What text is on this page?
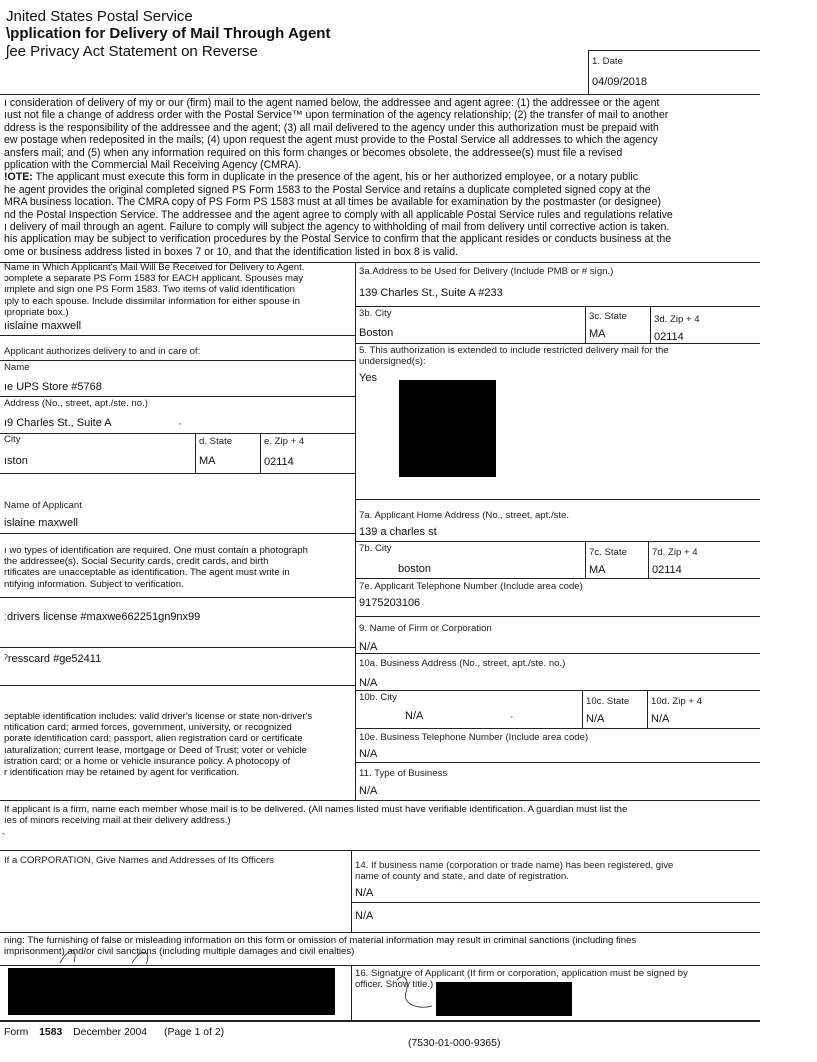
Jnited States Postal Service
\pplication for Delivery of Mail Through Agent
ʃee Privacy Act Statement on Reverse
1. Date
04/09/2018
ı consideration of delivery of my or our (firm) mail to the agent named below, the addressee and agent agree: (1) the addressee or the agent
ıust not file a change of address order with the Postal Service™ upon termination of the agency relationship; (2) the transfer of mail to another
ddress is the responsibility of the addressee and the agent; (3) all mail delivered to the agency under this authorization must be prepaid with
ew postage when redeposited in the mails; (4) upon request the agent must provide to the Postal Service all addresses to which the agency
ansfers mail; and (5) when any information required on this form changes or becomes obsolete, the addressee(s) must file a revised
pplication with the Commercial Mail Receiving Agency (CMRA).
!OTE: The applicant must execute this form in duplicate in the presence of the agent, his or her authorized employee, or a notary public
he agent provides the original completed signed PS Form 1583 to the Postal Service and retains a duplicate completed signed copy at the
MRA business location. The CMRA copy of PS Form PS 1583 must at all times be available for examination by the postmaster (or designee)
nd the Postal Inspection Service. The addressee and the agent agree to comply with all applicable Postal Service rules and regulations relative
ı delivery of mail through an agent. Failure to comply will subject the agency to withholding of mail from delivery until corrective action is taken.
his application may be subject to verification procedures by the Postal Service to confirm that the applicant resides or conducts business at the
ome or business address listed in boxes 7 or 10, and that the identification listed in box 8 is valid.
Name in Which Applicant's Mail Will Be Received for Delivery to Agent.
ɔomplete a separate PS Form 1583 for EACH applicant. Spouses may
ımplete and sign one PS Form 1583. Two items of valid identification
ıply to each spouse. Include dissimilar information for either spouse in
ıpropriate box.)
ıislaine maxwell
Applicant authorizes delivery to and in care of:
Name
ıe UPS Store #5768
Address (No., street, apt./ste. no.)
ı9 Charles St., Suite A	·
City
ıston
d. State
MA
e. Zip + 4
02114
Name of Applicant
islaine maxwell
ı wo types of identification are required. One must contain a photograph
the addressee(s). Social Security cards, credit cards, and birth
rtificates are unacceptable as identification. The agent must write in
ntifying information. Subject to verification.
ːdrivers license #maxwe662251gn9nx99
ˀresscard #ge52411
ɔeptable identification includes: valid driver's license or state non-driver's
ntification card; armed forces, government, university, or recognized
porate identification card; passport, alien registration card or certificate
ıaturalization; current lease, mortgage or Deed of Trust; voter or vehicle
istration card; or a home or vehicle insurance policy. A photocopy of
r identification may be retained by agent for verification.
3a.Address to be Used for Delivery (Include PMB or # sign.)
139 Charles St., Suite A #233
3b. City
Boston
3c. State
MA
3d. Zip + 4
02114
5. This authorization is extended to include restricted delivery mail for the
undersigned(s):
Yes
7a. Applicant Home Address (No., street, apt./ste.
139 a charles st
7b. City
boston
7c. State
MA
7d. Zip + 4
02114
7e. Applicant Telephone Number (Include area code)
9175203106
9. Name of Firm or Corporation
N/A
10a. Business Address (No., street, apt./ste. no.)
N/A
10b. City
N/A	·
10c. State
N/A
10d. Zip + 4
N/A
10e. Business Telephone Number (Include area code)
N/A
11. Type of Business
N/A
If applicant is a firm, name each member whose mail is to be delivered. (All names listed must have verifiable identification. A guardian must list the
ıes of minors receiving mail at their delivery address.)
`
If a CORPORATION, Give Names and Addresses of Its Officers	14. If business name (corporation or trade name) has been registered, give
name of county and state, and date of registration.
N/A
N/A
ning: The furnishing of false or misleading information on this form or omission of material information may result in criminal sanctions (including fines
imprisonment) and/or civil sanctions (including multiple damages and civil enalties)
16. Signature of Applicant (If firm or corporation, application must be signed by
officer. Show title.)
Form 1583 December 2004 (Page 1 of 2)
(7530-01-000-9365)
